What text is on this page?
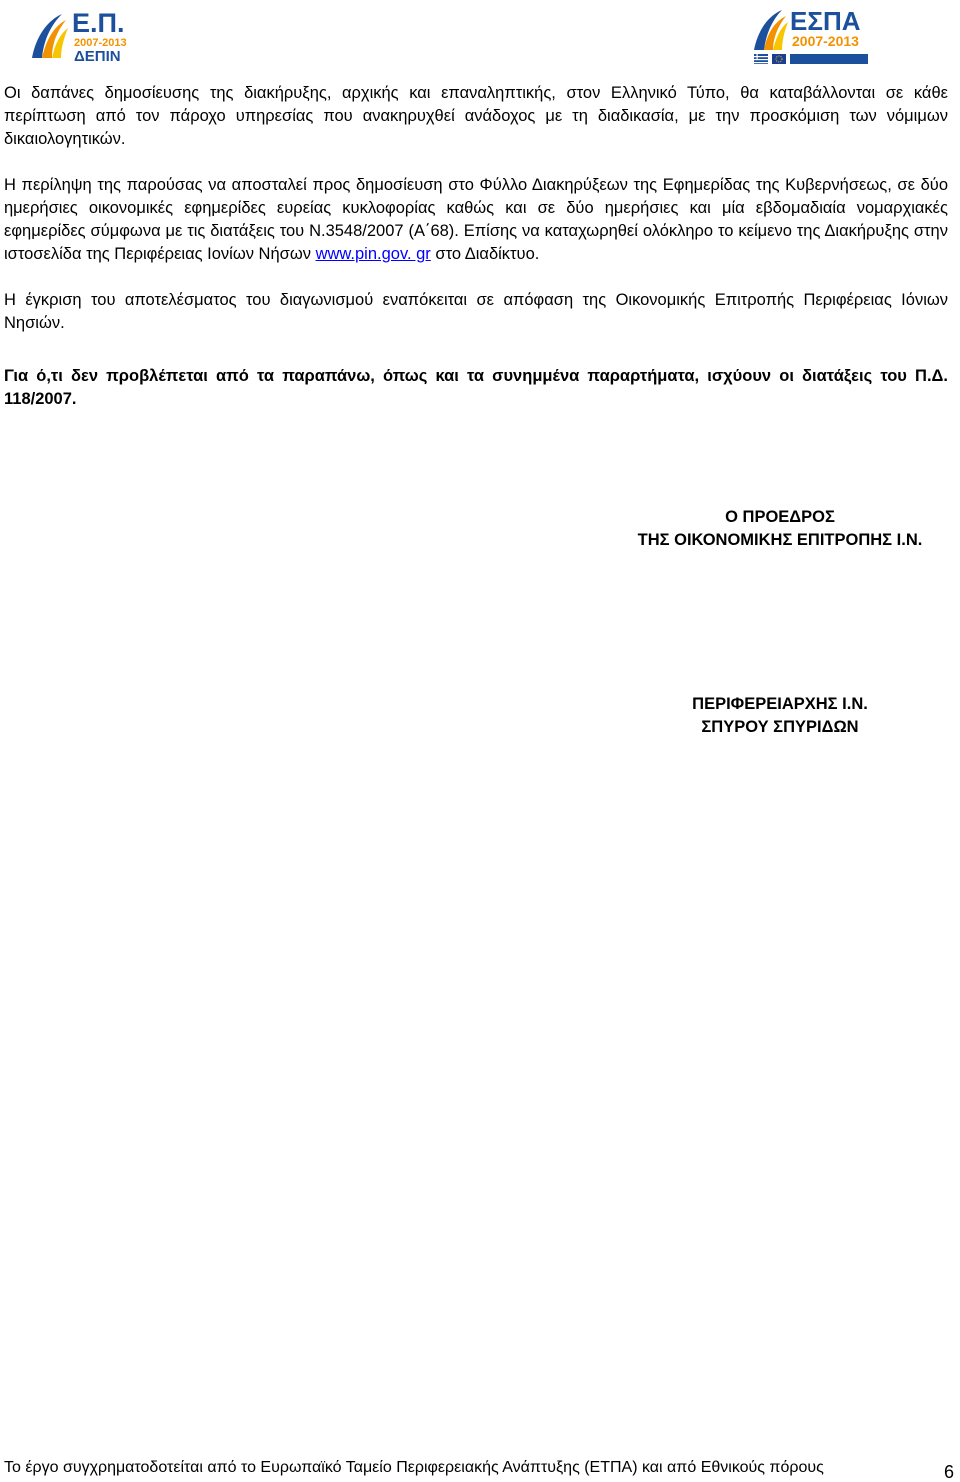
Ε.Π.
2007-2013
ΔΕΠΙΝ
ΕΣΠΑ
2007-2013

Οι δαπάνες δημοσίευσης της διακήρυξης, αρχικής και επαναληπτικής, στον Ελληνικό Τύπο, θα καταβάλλονται σε κάθε περίπτωση από τον πάροχο υπηρεσίας που ανακηρυχθεί ανάδοχος με τη διαδικασία, με την προσκόμιση των νόμιμων δικαιολογητικών.

Η περίληψη της παρούσας να αποσταλεί προς δημοσίευση στο Φύλλο Διακηρύξεων της Εφημερίδας της Κυβερνήσεως, σε δύο ημερήσιες οικονομικές εφημερίδες ευρείας κυκλοφορίας καθώς και σε δύο ημερήσιες και μία εβδομαδιαία νομαρχιακές εφημερίδες σύμφωνα με τις διατάξεις του Ν.3548/2007 (Α΄68). Επίσης να καταχωρηθεί ολόκληρο το κείμενο της Διακήρυξης στην ιστοσελίδα της Περιφέρειας Ιονίων Νήσων www.pin.gov. gr στο Διαδίκτυο.

Η έγκριση του αποτελέσματος του διαγωνισμού εναπόκειται σε απόφαση της Οικονομικής Επιτροπής Περιφέρειας Ιόνιων Νησιών.

Για ό,τι δεν προβλέπεται από τα παραπάνω, όπως και τα συνημμένα παραρτήματα, ισχύουν οι διατάξεις του Π.Δ. 118/2007.

Ο ΠΡΟΕΔΡΟΣ
ΤΗΣ ΟΙΚΟΝΟΜΙΚΗΣ ΕΠΙΤΡΟΠΗΣ Ι.Ν.
ΠΕΡΙΦΕΡΕΙΑΡΧΗΣ Ι.Ν.
ΣΠΥΡΟΥ ΣΠΥΡΙΔΩΝ
Το έργο συγχρηματοδοτείται από το Ευρωπαϊκό Ταμείο Περιφερειακής Ανάπτυξης (ΕΤΠΑ) και από Εθνικούς πόρους	6
